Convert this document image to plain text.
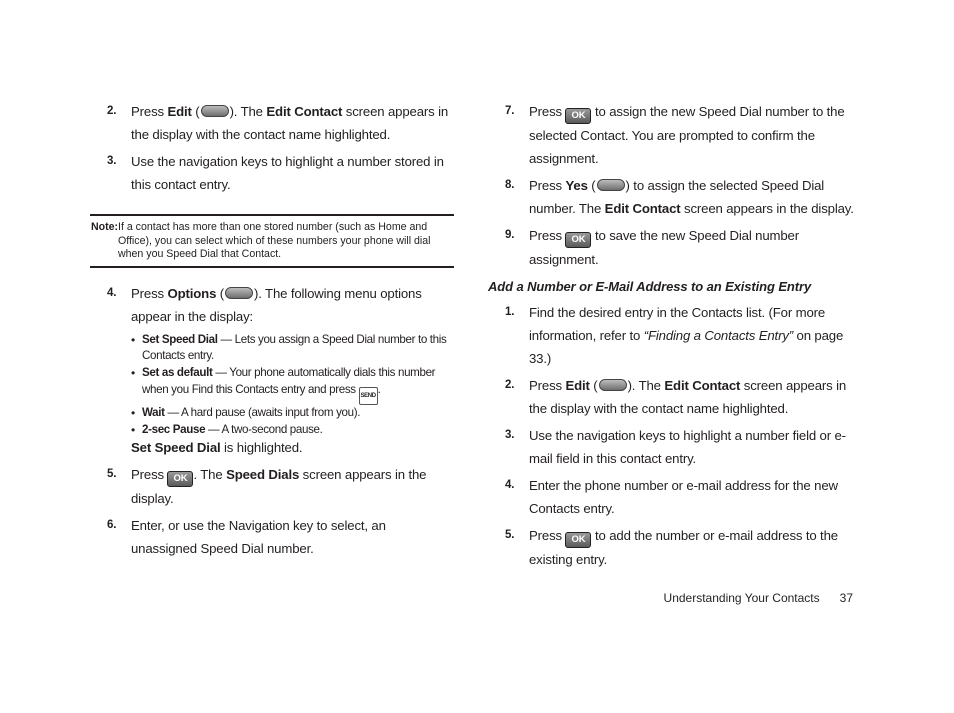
2. Press Edit ( ). The Edit Contact screen appears in the display with the contact name highlighted.
3. Use the navigation keys to highlight a number stored in this contact entry.
Note: If a contact has more than one stored number (such as Home and Office), you can select which of these numbers your phone will dial when you Speed Dial that Contact.
4. Press Options ( ). The following menu options appear in the display:
• Set Speed Dial — Lets you assign a Speed Dial number to this Contacts entry.
• Set as default — Your phone automatically dials this number when you Find this Contacts entry and press SEND .
• Wait — A hard pause (awaits input from you).
• 2-sec Pause — A two-second pause.
Set Speed Dial is highlighted.
5. Press OK . The Speed Dials screen appears in the display.
6. Enter, or use the Navigation key to select, an unassigned Speed Dial number.
7. Press OK to assign the new Speed Dial number to the selected Contact. You are prompted to confirm the assignment.
8. Press Yes ( ) to assign the selected Speed Dial number. The Edit Contact screen appears in the display.
9. Press OK to save the new Speed Dial number assignment.
Add a Number or E-Mail Address to an Existing Entry
1. Find the desired entry in the Contacts list. (For more information, refer to “Finding a Contacts Entry” on page 33.)
2. Press Edit ( ). The Edit Contact screen appears in the display with the contact name highlighted.
3. Use the navigation keys to highlight a number field or e-mail field in this contact entry.
4. Enter the phone number or e-mail address for the new Contacts entry.
5. Press OK to add the number or e-mail address to the existing entry.
Understanding Your Contacts 37
